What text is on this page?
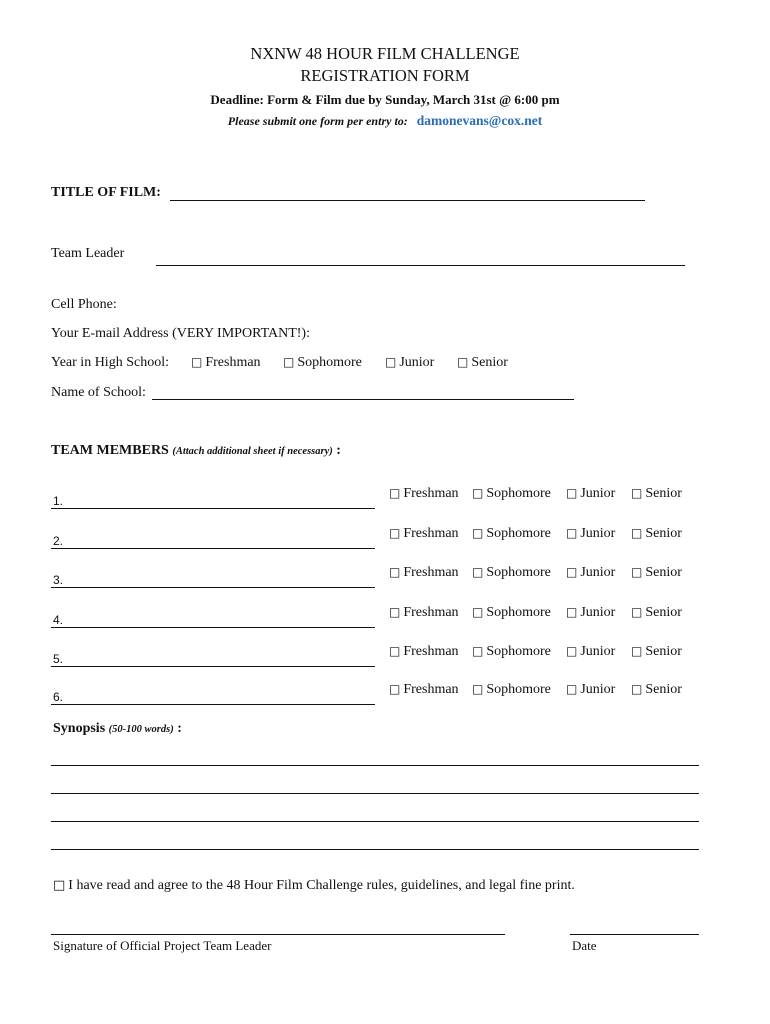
NXNW 48 HOUR FILM CHALLENGE
REGISTRATION FORM
Deadline: Form & Film due by Sunday, March 31st @ 6:00 pm
Please submit one form per entry to: damonevans@cox.net
TITLE OF FILM:
Team Leader
Cell Phone:
Your E-mail Address (VERY IMPORTANT!):
Year in High School: □ Freshman □ Sophomore □ Junior □ Senior
Name of School:
TEAM MEMBERS (Attach additional sheet if necessary) :
1.
□ Freshman □ Sophomore □ Junior □ Senior
2.
□ Freshman □ Sophomore □ Junior □ Senior
3.
□ Freshman □ Sophomore □ Junior □ Senior
4.
□ Freshman □ Sophomore □ Junior □ Senior
5.
□ Freshman □ Sophomore □ Junior □ Senior
6.
□ Freshman □ Sophomore □ Junior □ Senior
Synopsis (50-100 words) :
□ I have read and agree to the 48 Hour Film Challenge rules, guidelines, and legal fine print.
Signature of Official Project Team Leader	Date
